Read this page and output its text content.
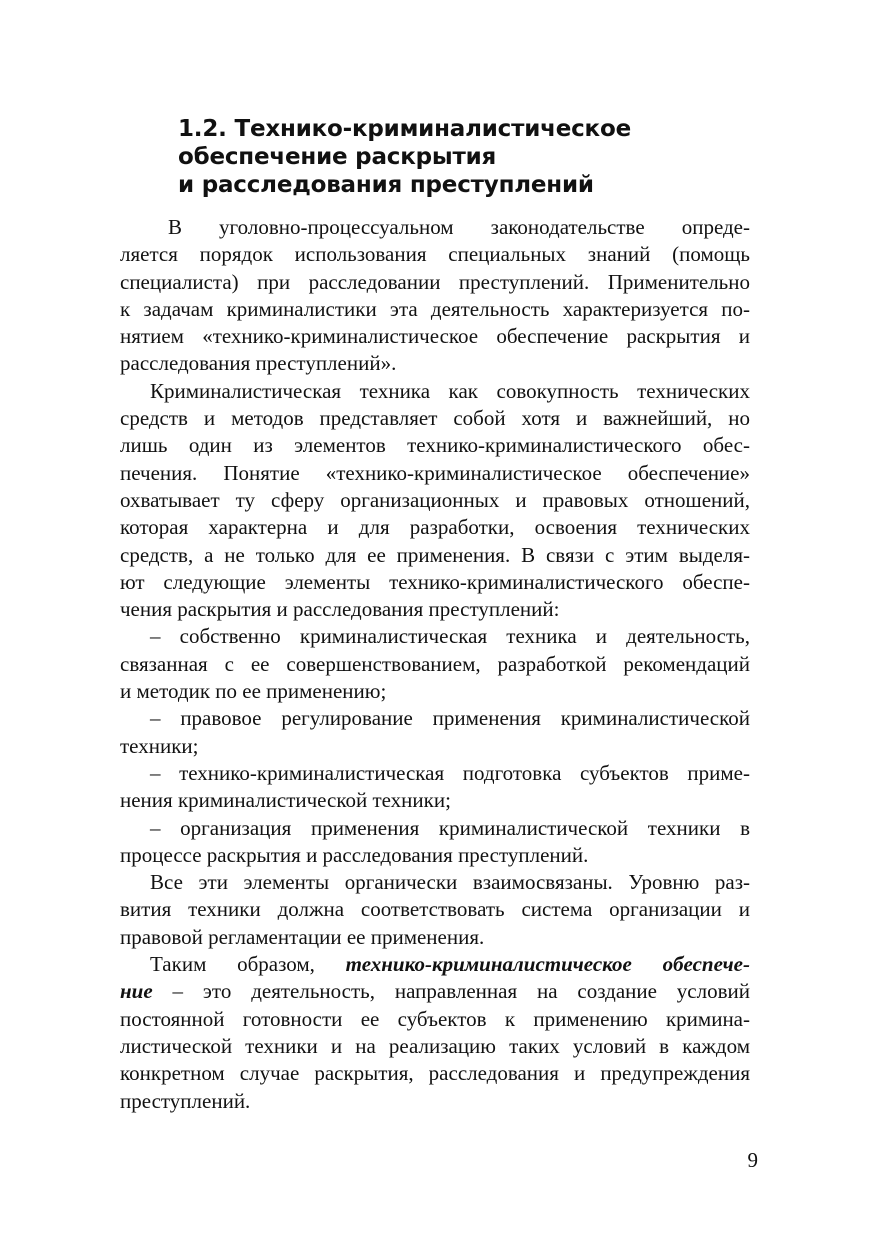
1.2. Технико-криминалистическое
обеспечение раскрытия
и расследования преступлений
В уголовно-процессуальном законодательстве опреде-
ляется порядок использования специальных знаний (помощь
специалиста) при расследовании преступлений. Применительно
к задачам криминалистики эта деятельность характеризуется по-
нятием «технико-криминалистическое обеспечение раскрытия и
расследования преступлений».
Криминалистическая техника как совокупность технических
средств и методов представляет собой хотя и важнейший, но
лишь один из элементов технико-криминалистического обес-
печения. Понятие «технико-криминалистическое обеспечение»
охватывает ту сферу организационных и правовых отношений,
которая характерна и для разработки, освоения технических
средств, а не только для ее применения. В связи с этим выделя-
ют следующие элементы технико-криминалистического обеспе-
чения раскрытия и расследования преступлений:
– собственно криминалистическая техника и деятельность,
связанная с ее совершенствованием, разработкой рекомендаций
и методик по ее применению;
– правовое регулирование применения криминалистической
техники;
– технико-криминалистическая подготовка субъектов приме-
нения криминалистической техники;
– организация применения криминалистической техники в
процессе раскрытия и расследования преступлений.
Все эти элементы органически взаимосвязаны. Уровню раз-
вития техники должна соответствовать система организации и
правовой регламентации ее применения.
Таким образом, технико-криминалистическое обеспече-
ние – это деятельность, направленная на создание условий
постоянной готовности ее субъектов к применению кримина-
листической техники и на реализацию таких условий в каждом
конкретном случае раскрытия, расследования и предупреждения
преступлений.
9
